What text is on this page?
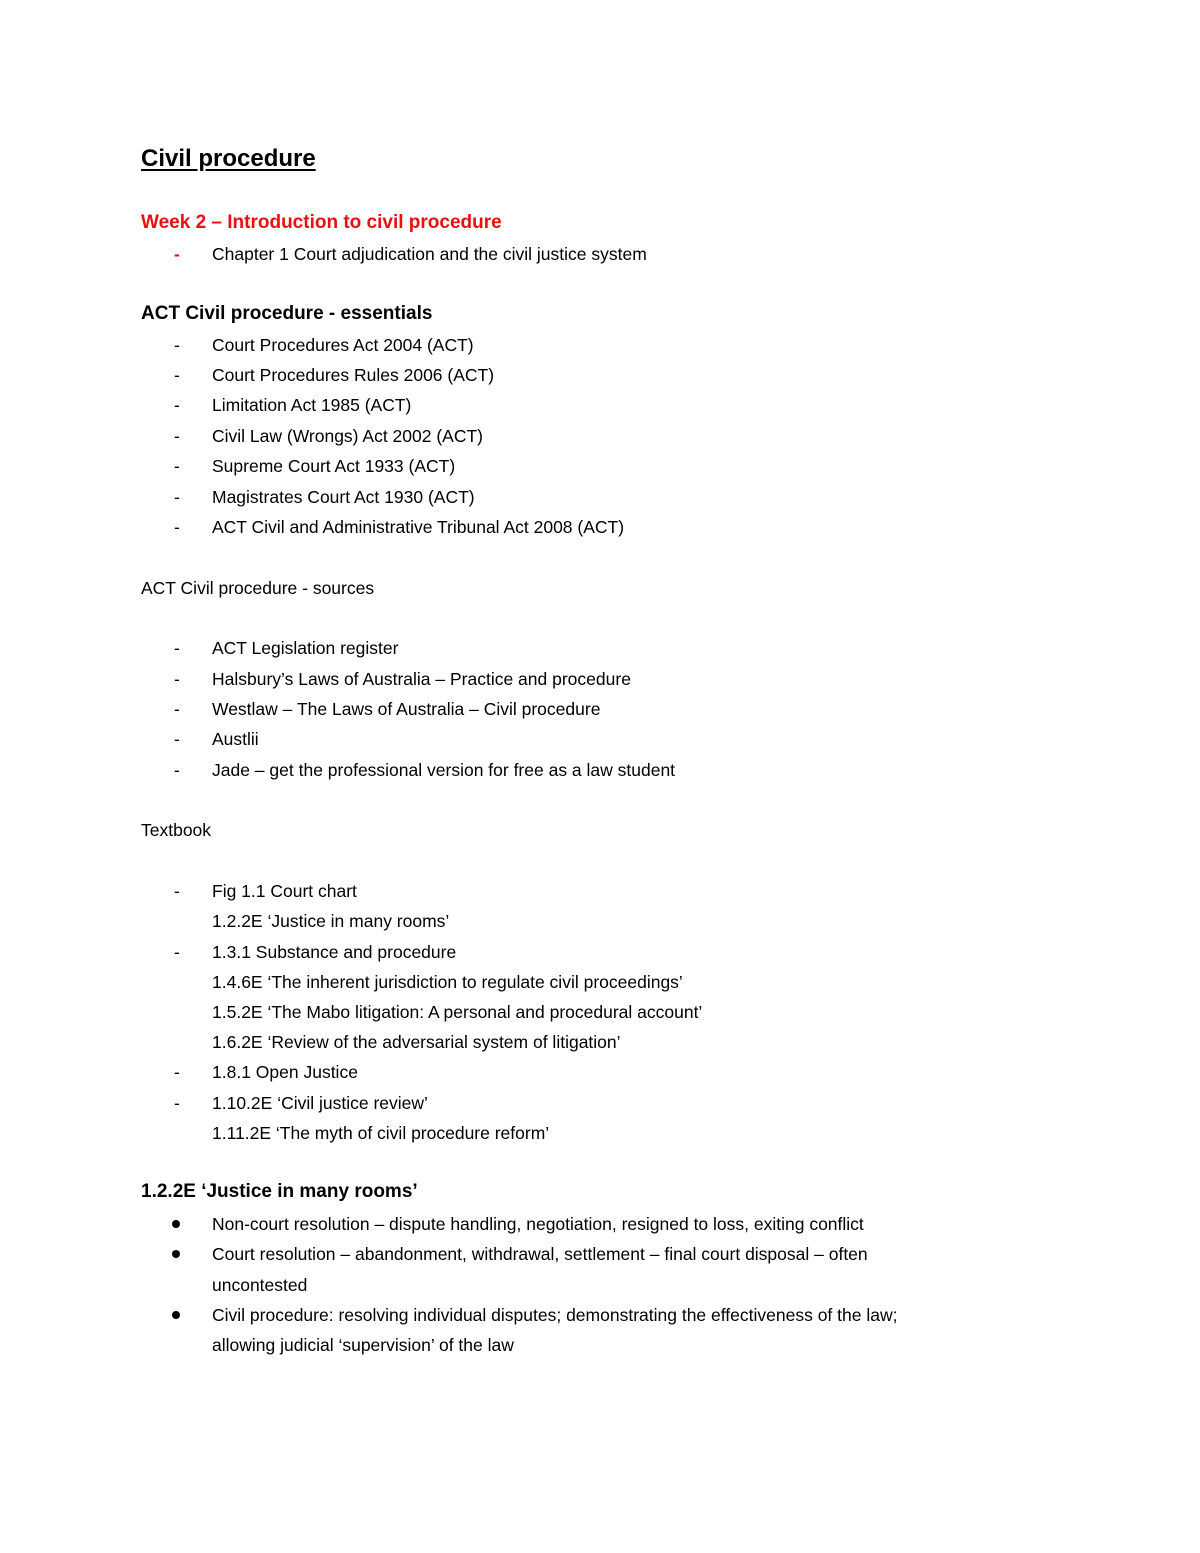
Civil procedure
Week 2 – Introduction to civil procedure
-	Chapter 1 Court adjudication and the civil justice system
ACT Civil procedure - essentials
-	Court Procedures Act 2004 (ACT)
-	Court Procedures Rules 2006 (ACT)
-	Limitation Act 1985 (ACT)
-	Civil Law (Wrongs) Act 2002 (ACT)
-	Supreme Court Act 1933 (ACT)
-	Magistrates Court Act 1930 (ACT)
-	ACT Civil and Administrative Tribunal Act 2008 (ACT)
ACT Civil procedure - sources
-	ACT Legislation register
-	Halsbury’s Laws of Australia – Practice and procedure
-	Westlaw – The Laws of Australia – Civil procedure
-	Austlii
-	Jade – get the professional version for free as a law student
Textbook
-	Fig 1.1 Court chart
1.2.2E ‘Justice in many rooms’
-	1.3.1 Substance and procedure
1.4.6E ‘The inherent jurisdiction to regulate civil proceedings’
1.5.2E ‘The Mabo litigation: A personal and procedural account’
1.6.2E ‘Review of the adversarial system of litigation’
-	1.8.1 Open Justice
-	1.10.2E ‘Civil justice review’
1.11.2E ‘The myth of civil procedure reform’
1.2.2E ‘Justice in many rooms’
Non-court resolution – dispute handling, negotiation, resigned to loss, exiting conflict
Court resolution – abandonment, withdrawal, settlement – final court disposal – often
uncontested
Civil procedure: resolving individual disputes; demonstrating the effectiveness of the law;
allowing judicial ‘supervision’ of the law
